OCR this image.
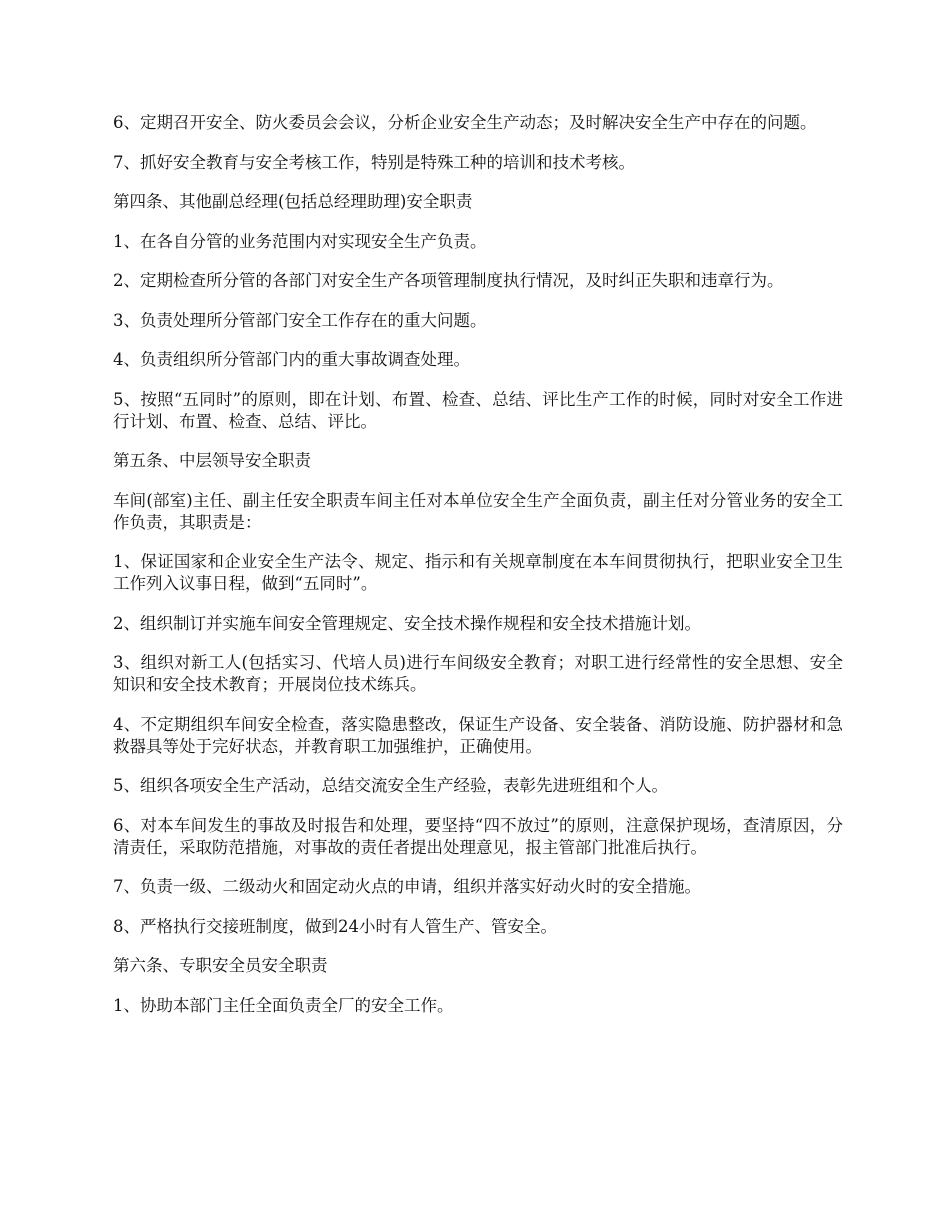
6、定期召开安全、防火委员会会议，分析企业安全生产动态；及时解决安全生产中存在的问题。

7、抓好安全教育与安全考核工作，特别是特殊工种的培训和技术考核。

第四条、其他副总经理(包括总经理助理)安全职责

1、在各自分管的业务范围内对实现安全生产负责。

2、定期检查所分管的各部门对安全生产各项管理制度执行情况，及时纠正失职和违章行为。

3、负责处理所分管部门安全工作存在的重大问题。

4、负责组织所分管部门内的重大事故调查处理。

5、按照“五同时”的原则，即在计划、布置、检查、总结、评比生产工作的时候，同时对安全工作进行计划、布置、检查、总结、评比。

第五条、中层领导安全职责

车间(部室)主任、副主任安全职责车间主任对本单位安全生产全面负责，副主任对分管业务的安全工作负责，其职责是：

1、保证国家和企业安全生产法令、规定、指示和有关规章制度在本车间贯彻执行，把职业安全卫生工作列入议事日程，做到“五同时”。

2、组织制订并实施车间安全管理规定、安全技术操作规程和安全技术措施计划。

3、组织对新工人(包括实习、代培人员)进行车间级安全教育；对职工进行经常性的安全思想、安全知识和安全技术教育；开展岗位技术练兵。

4、不定期组织车间安全检查，落实隐患整改，保证生产设备、安全装备、消防设施、防护器材和急救器具等处于完好状态，并教育职工加强维护，正确使用。

5、组织各项安全生产活动，总结交流安全生产经验，表彰先进班组和个人。

6、对本车间发生的事故及时报告和处理，要坚持“四不放过”的原则，注意保护现场，查清原因，分清责任，采取防范措施，对事故的责任者提出处理意见，报主管部门批准后执行。

7、负责一级、二级动火和固定动火点的申请，组织并落实好动火时的安全措施。

8、严格执行交接班制度，做到24小时有人管生产、管安全。

第六条、专职安全员安全职责

1、协助本部门主任全面负责全厂的安全工作。
